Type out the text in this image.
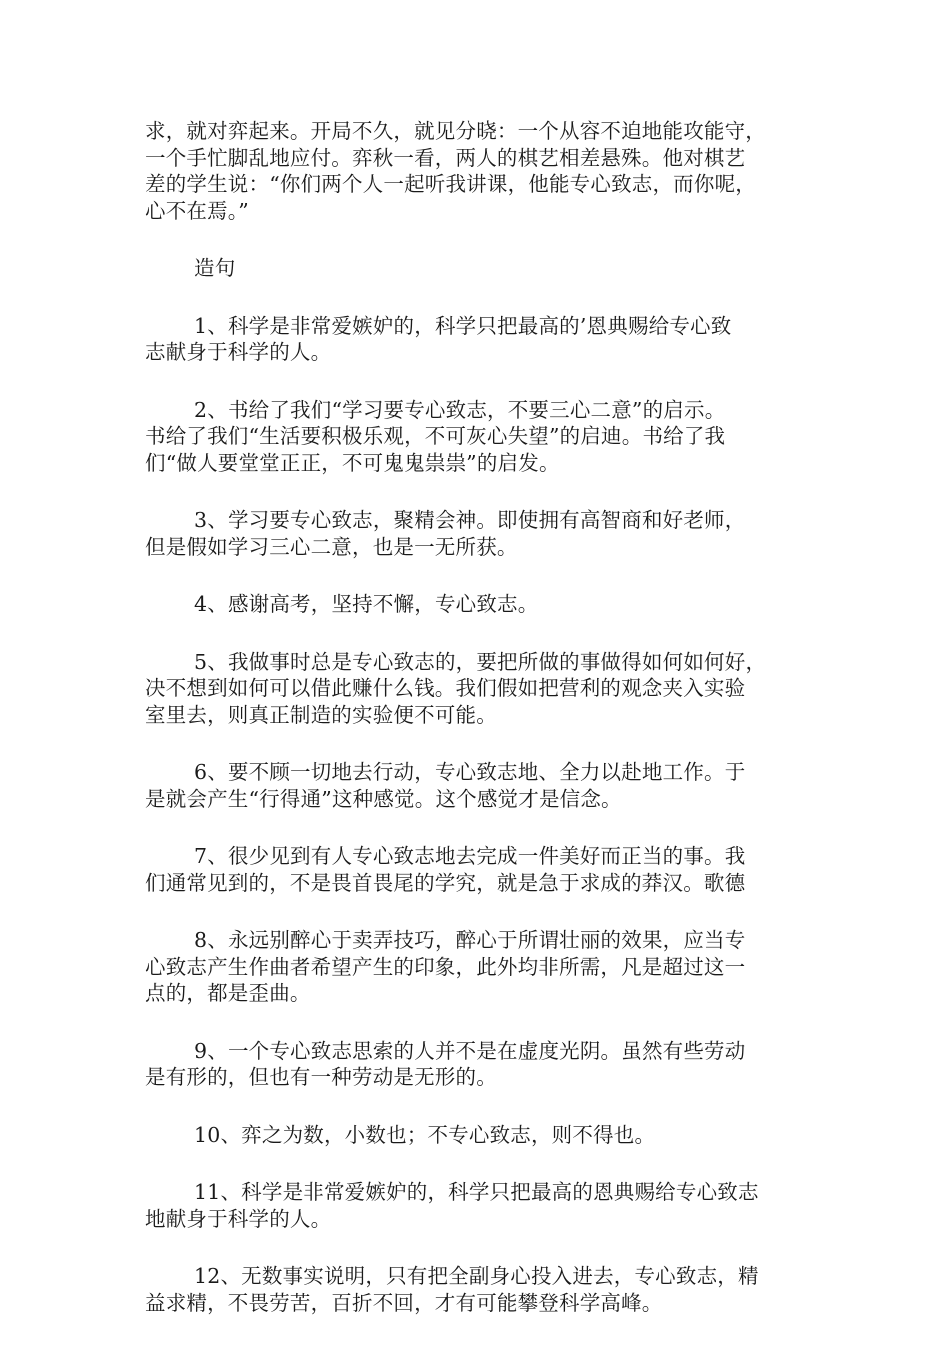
求，就对弈起来。开局不久，就见分晓：一个从容不迫地能攻能守，
一个手忙脚乱地应付。弈秋一看，两人的棋艺相差悬殊。他对棋艺
差的学生说：“你们两个人一起听我讲课，他能专心致志，而你呢，
心不在焉。”

造句

1、科学是非常爱嫉妒的，科学只把最高的’恩典赐给专心致
志献身于科学的人。

2、书给了我们“学习要专心致志，不要三心二意”的启示。
书给了我们“生活要积极乐观，不可灰心失望”的启迪。书给了我
们“做人要堂堂正正，不可鬼鬼祟祟”的启发。

3、学习要专心致志，聚精会神。即使拥有高智商和好老师，
但是假如学习三心二意，也是一无所获。

4、感谢高考，坚持不懈，专心致志。

5、我做事时总是专心致志的，要把所做的事做得如何如何好，
决不想到如何可以借此赚什么钱。我们假如把营利的观念夹入实验
室里去，则真正制造的实验便不可能。

6、要不顾一切地去行动，专心致志地、全力以赴地工作。于
是就会产生“行得通”这种感觉。这个感觉才是信念。

7、很少见到有人专心致志地去完成一件美好而正当的事。我
们通常见到的，不是畏首畏尾的学究，就是急于求成的莽汉。歌德

8、永远别醉心于卖弄技巧，醉心于所谓壮丽的效果，应当专
心致志产生作曲者希望产生的印象，此外均非所需，凡是超过这一
点的，都是歪曲。

9、一个专心致志思索的人并不是在虚度光阴。虽然有些劳动
是有形的，但也有一种劳动是无形的。

10、弈之为数，小数也；不专心致志，则不得也。

11、科学是非常爱嫉妒的，科学只把最高的恩典赐给专心致志
地献身于科学的人。

12、无数事实说明，只有把全副身心投入进去，专心致志，精
益求精，不畏劳苦，百折不回，才有可能攀登科学高峰。
